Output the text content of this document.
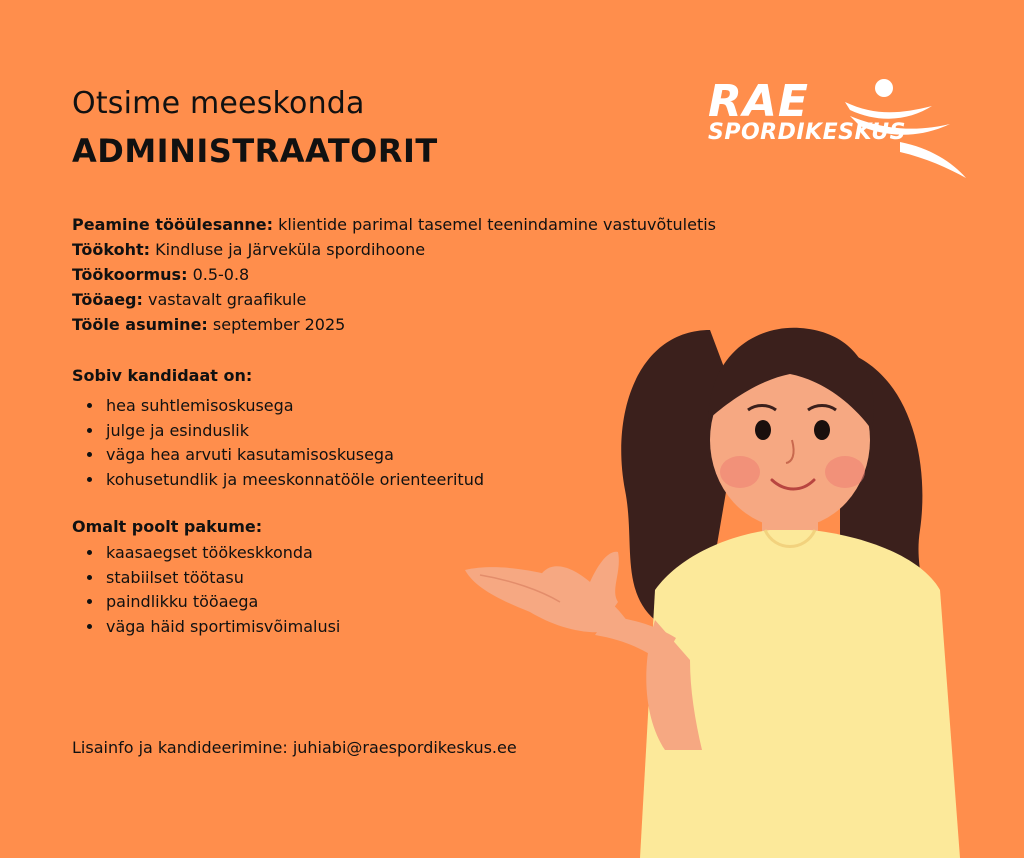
Otsime meeskonda
ADMINISTRAATORIT
RAE
SPORDIKESKUS
Peamine tööülesanne: klientide parimal tasemel teenindamine vastuvõtuletis
Töökoht: Kindluse ja Järveküla spordihoone
Töökoormus: 0.5-0.8
Tööaeg: vastavalt graafikule
Tööle asumine: september 2025
Sobiv kandidaat on:
• hea suhtlemisoskusega
• julge ja esinduslik
• väga hea arvuti kasutamisoskusega
• kohusetundlik ja meeskonnatööle orienteeritud
Omalt poolt pakume:
• kaasaegset töökeskkonda
• stabiilset töötasu
• paindlikku tööaega
• väga häid sportimisvõimalusi
Lisainfo ja kandideerimine: juhiabi@raespordikeskus.ee
